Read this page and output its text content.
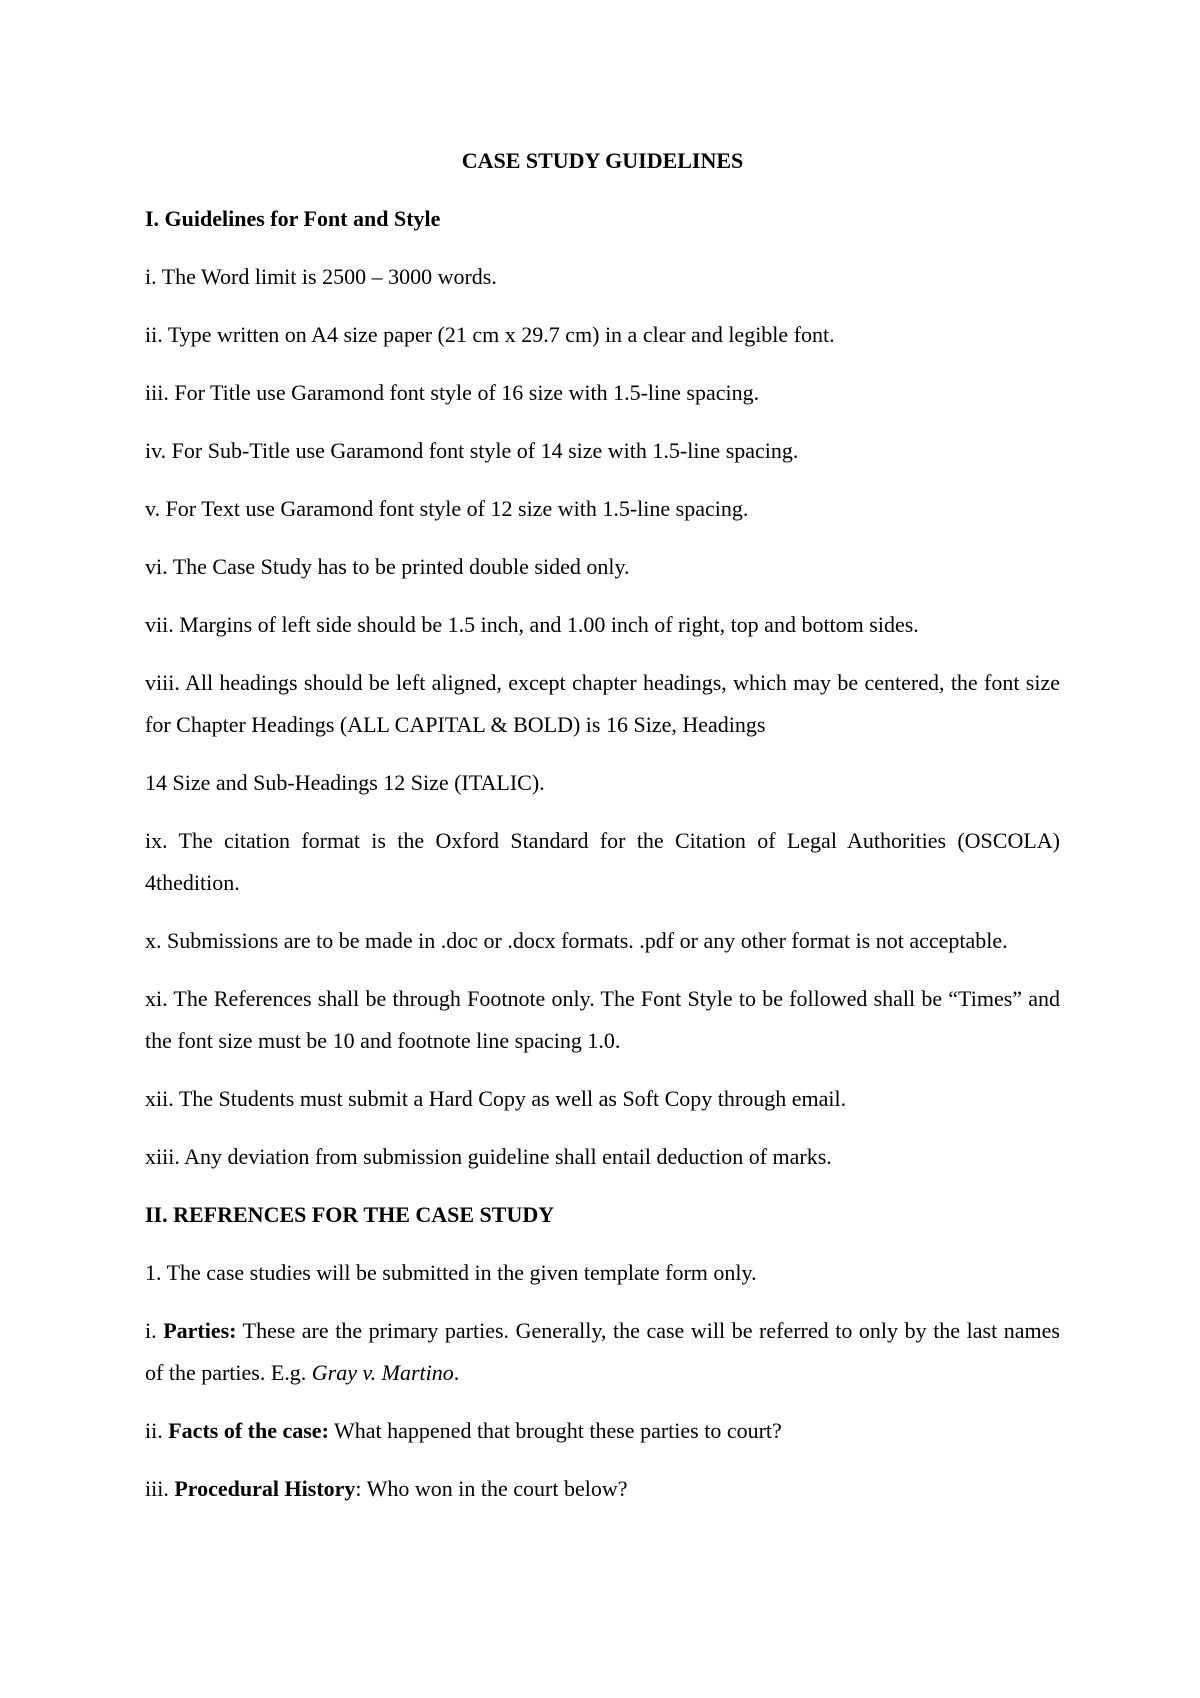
CASE STUDY GUIDELINES
I. Guidelines for Font and Style
i. The Word limit is 2500 – 3000 words.
ii. Type written on A4 size paper (21 cm x 29.7 cm) in a clear and legible font.
iii. For Title use Garamond font style of 16 size with 1.5-line spacing.
iv. For Sub-Title use Garamond font style of 14 size with 1.5-line spacing.
v. For Text use Garamond font style of 12 size with 1.5-line spacing.
vi. The Case Study has to be printed double sided only.
vii. Margins of left side should be 1.5 inch, and 1.00 inch of right, top and bottom sides.
viii. All headings should be left aligned, except chapter headings, which may be centered, the font size for Chapter Headings (ALL CAPITAL & BOLD) is 16 Size, Headings
14 Size and Sub-Headings 12 Size (ITALIC).
ix. The citation format is the Oxford Standard for the Citation of Legal Authorities (OSCOLA) 4thedition.
x. Submissions are to be made in .doc or .docx formats. .pdf or any other format is not acceptable.
xi. The References shall be through Footnote only. The Font Style to be followed shall be “Times” and the font size must be 10 and footnote line spacing 1.0.
xii. The Students must submit a Hard Copy as well as Soft Copy through email.
xiii. Any deviation from submission guideline shall entail deduction of marks.
II. REFRENCES FOR THE CASE STUDY
1. The case studies will be submitted in the given template form only.
i. Parties: These are the primary parties. Generally, the case will be referred to only by the last names of the parties. E.g. Gray v. Martino.
ii. Facts of the case: What happened that brought these parties to court?
iii. Procedural History: Who won in the court below?
